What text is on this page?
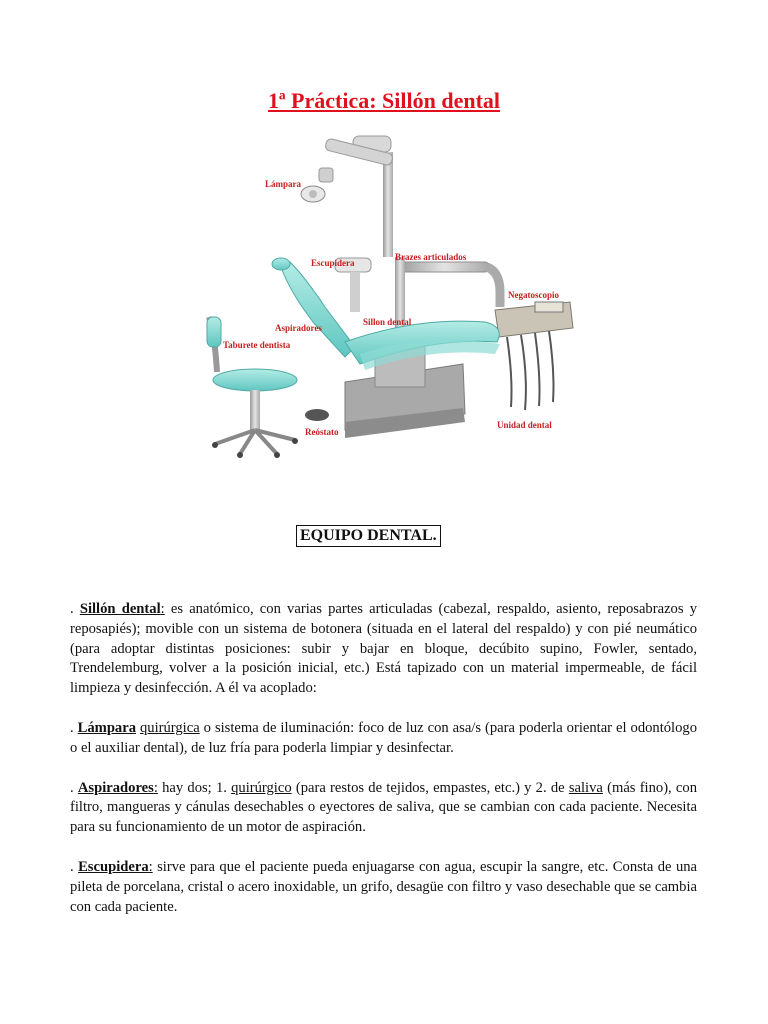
1ª Práctica: Sillón dental
Lámpara
Escupidera
Brazes articulados
Negatoscopio
Aspiradores
Sillon dental
Taburete dentista
Reóstato
Unidad dental
EQUIPO DENTAL.

. Sillón dental: es anatómico, con varias partes articuladas (cabezal, respaldo, asiento, reposabrazos y reposapiés); movible con un sistema de botonera (situada en el lateral del respaldo) y con pié neumático (para adoptar distintas posiciones: subir y bajar en bloque, decúbito supino, Fowler, sentado, Trendelemburg, volver a la posición inicial, etc.) Está tapizado con un material impermeable, de fácil limpieza y desinfección. A él va acoplado:

. Lámpara quirúrgica o sistema de iluminación: foco de luz con asa/s (para poderla orientar el odontólogo o el auxiliar dental), de luz fría para poderla limpiar y desinfectar.

. Aspiradores: hay dos; 1. quirúrgico (para restos de tejidos, empastes, etc.) y 2. de saliva (más fino), con filtro, mangueras y cánulas desechables o eyectores de saliva, que se cambian con cada paciente. Necesita para su funcionamiento de un motor de aspiración.

. Escupidera: sirve para que el paciente pueda enjuagarse con agua, escupir la sangre, etc. Consta de una pileta de porcelana, cristal o acero inoxidable, un grifo, desagüe con filtro y vaso desechable que se cambia con cada paciente.
